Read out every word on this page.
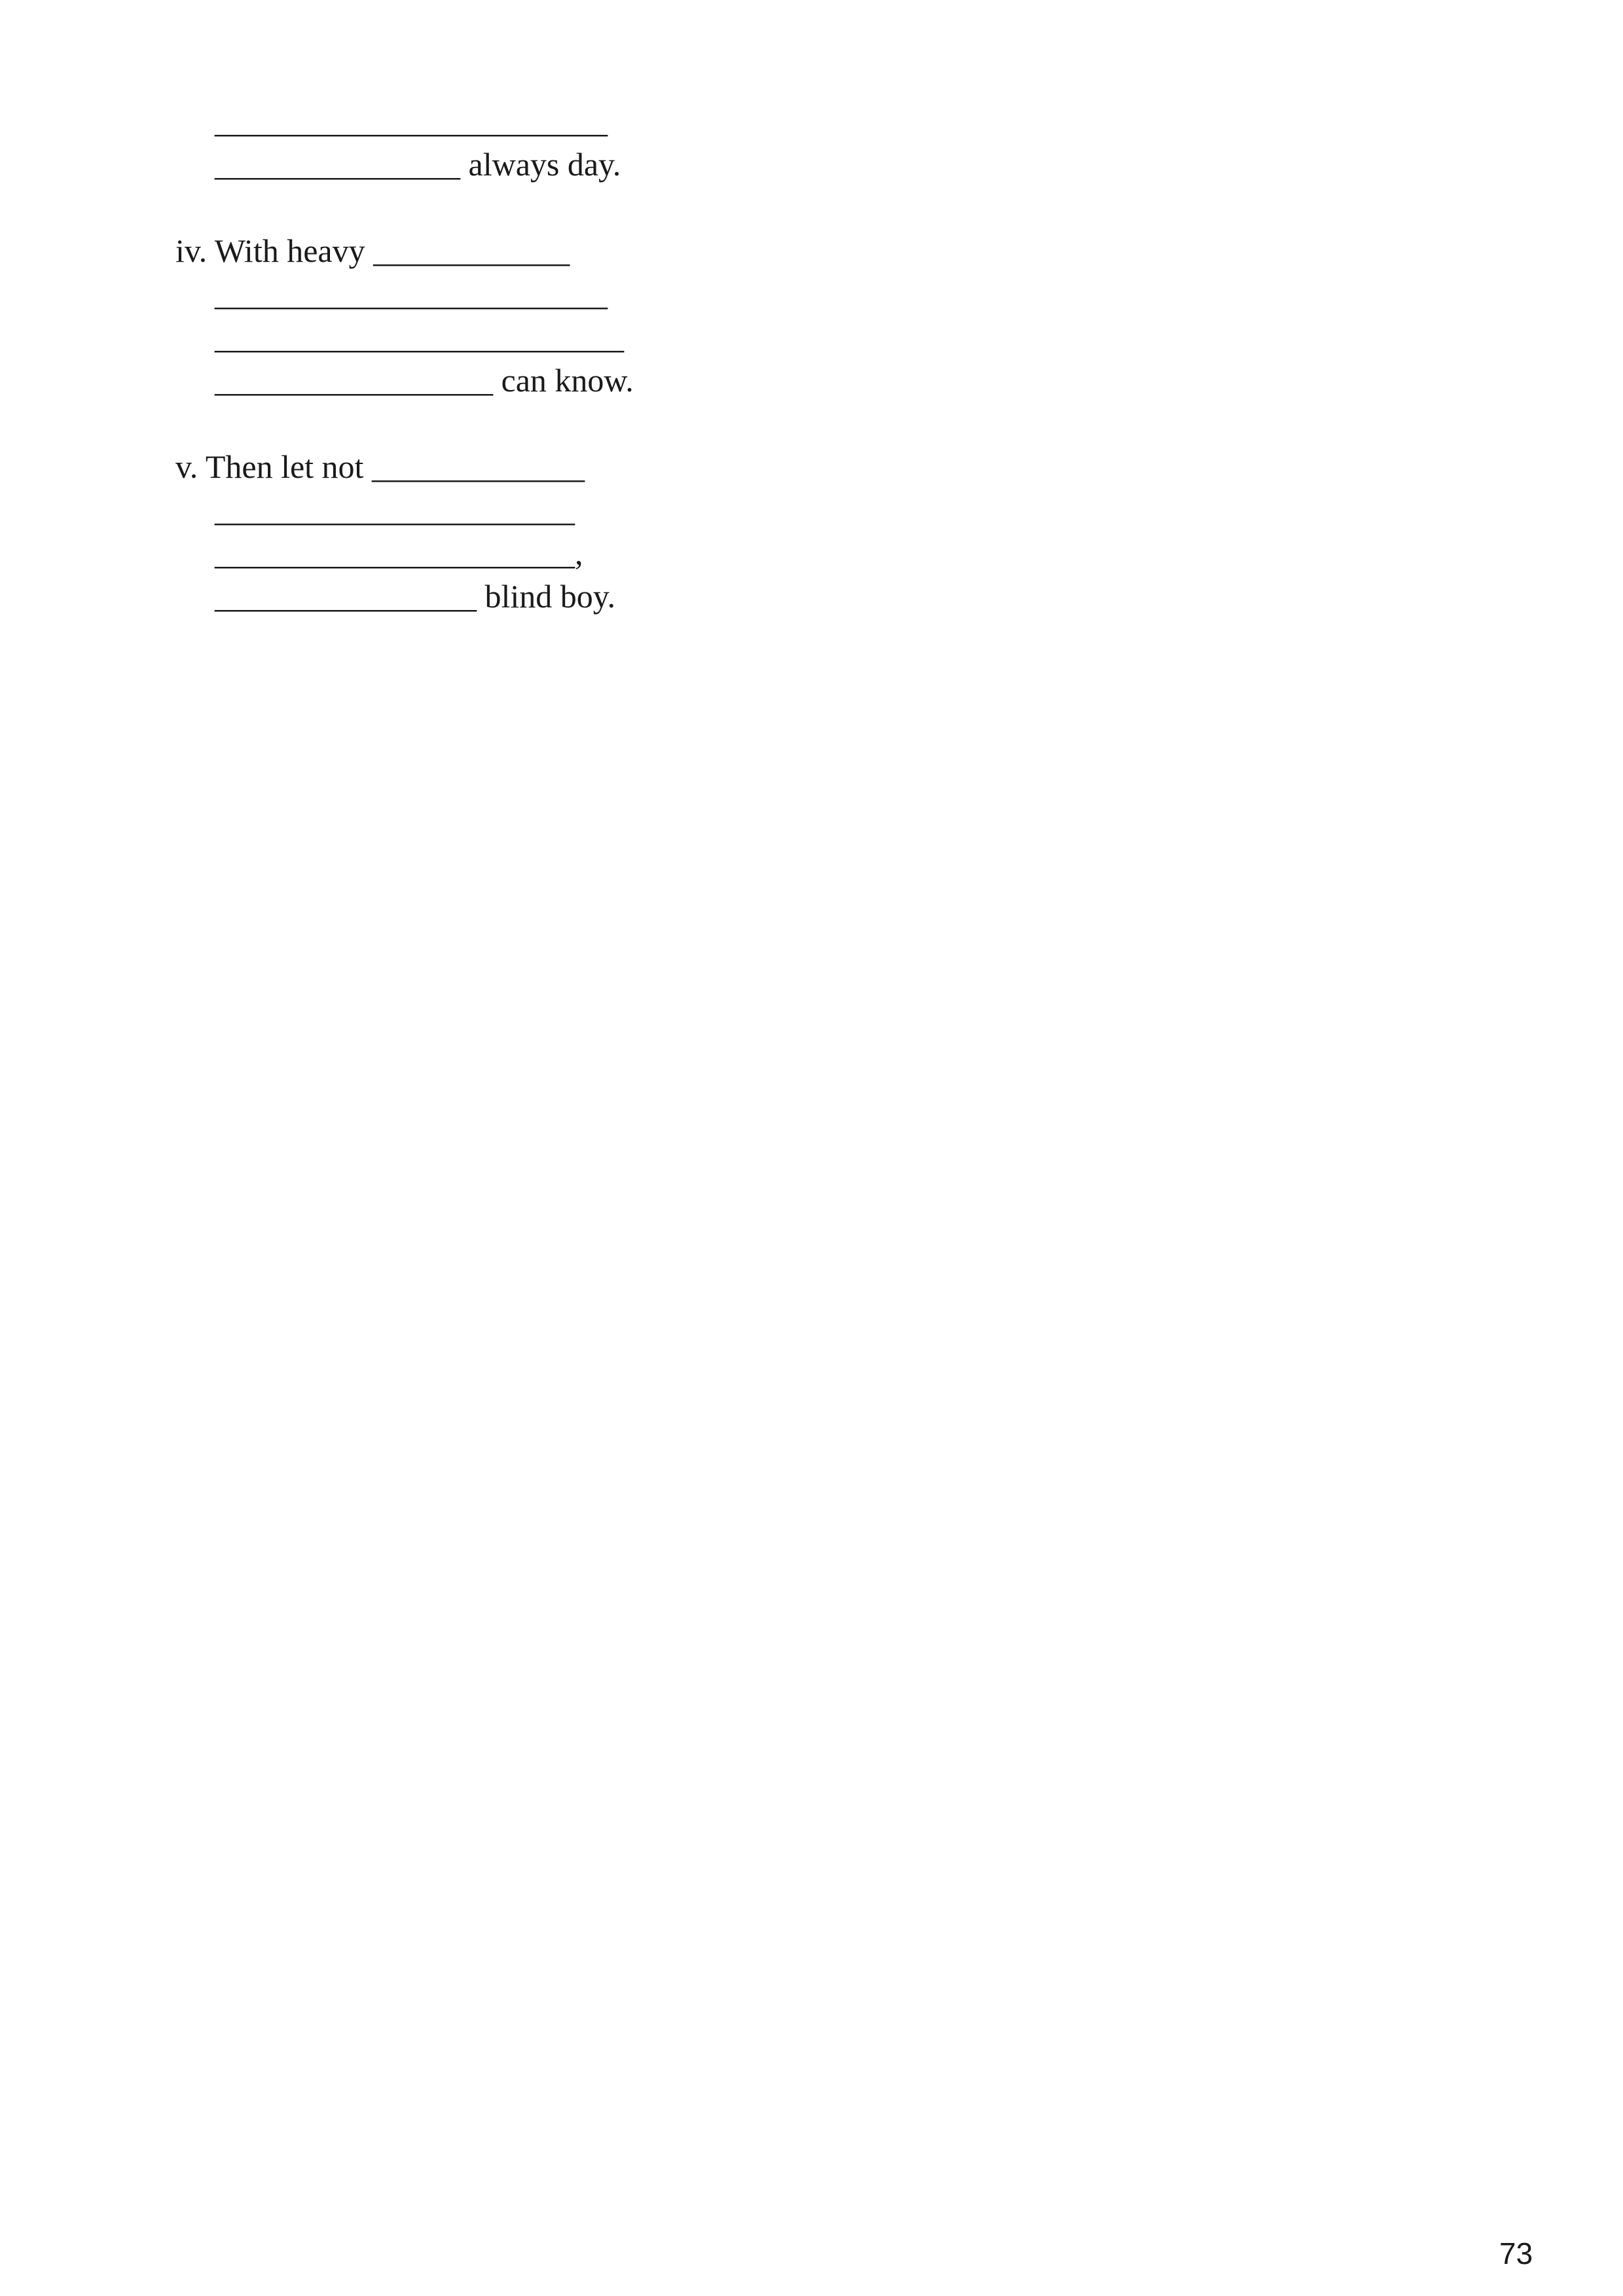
________________________
_______________ always day.
iv. With heavy ____________
________________________
_________________________
_________________ can know.
v. Then let not _____________
______________________
______________________,
________________ blind boy.
73
